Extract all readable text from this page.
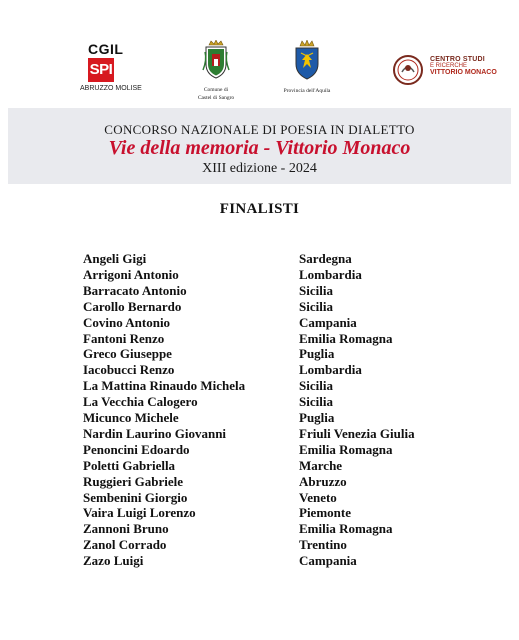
CGIL
SPI
ABRUZZO MOLISE	Comune di
Castel di Sangro
Provincia dell'Aquila
CENTRO STUDI
E RICERCHE
VITTORIO MONACO
CONCORSO NAZIONALE DI POESIA IN DIALETTO
Vie della memoria - Vittorio Monaco
XIII edizione - 2024
FINALISTI
Angeli Gigi	Sardegna
Arrigoni Antonio	Lombardia
Barracato Antonio	Sicilia
Carollo Bernardo	Sicilia
Covino Antonio	Campania
Fantoni Renzo	Emilia Romagna
Greco Giuseppe	Puglia
Iacobucci Renzo	Lombardia
La Mattina Rinaudo Michela	Sicilia
La Vecchia Calogero	Sicilia
Micunco Michele	Puglia
Nardin Laurino Giovanni	Friuli Venezia Giulia
Penoncini Edoardo	Emilia Romagna
Poletti Gabriella	Marche
Ruggieri Gabriele	Abruzzo
Sembenini Giorgio	Veneto
Vaira Luigi Lorenzo	Piemonte
Zannoni Bruno	Emilia Romagna
Zanol Corrado	Trentino
Zazo Luigi	Campania
